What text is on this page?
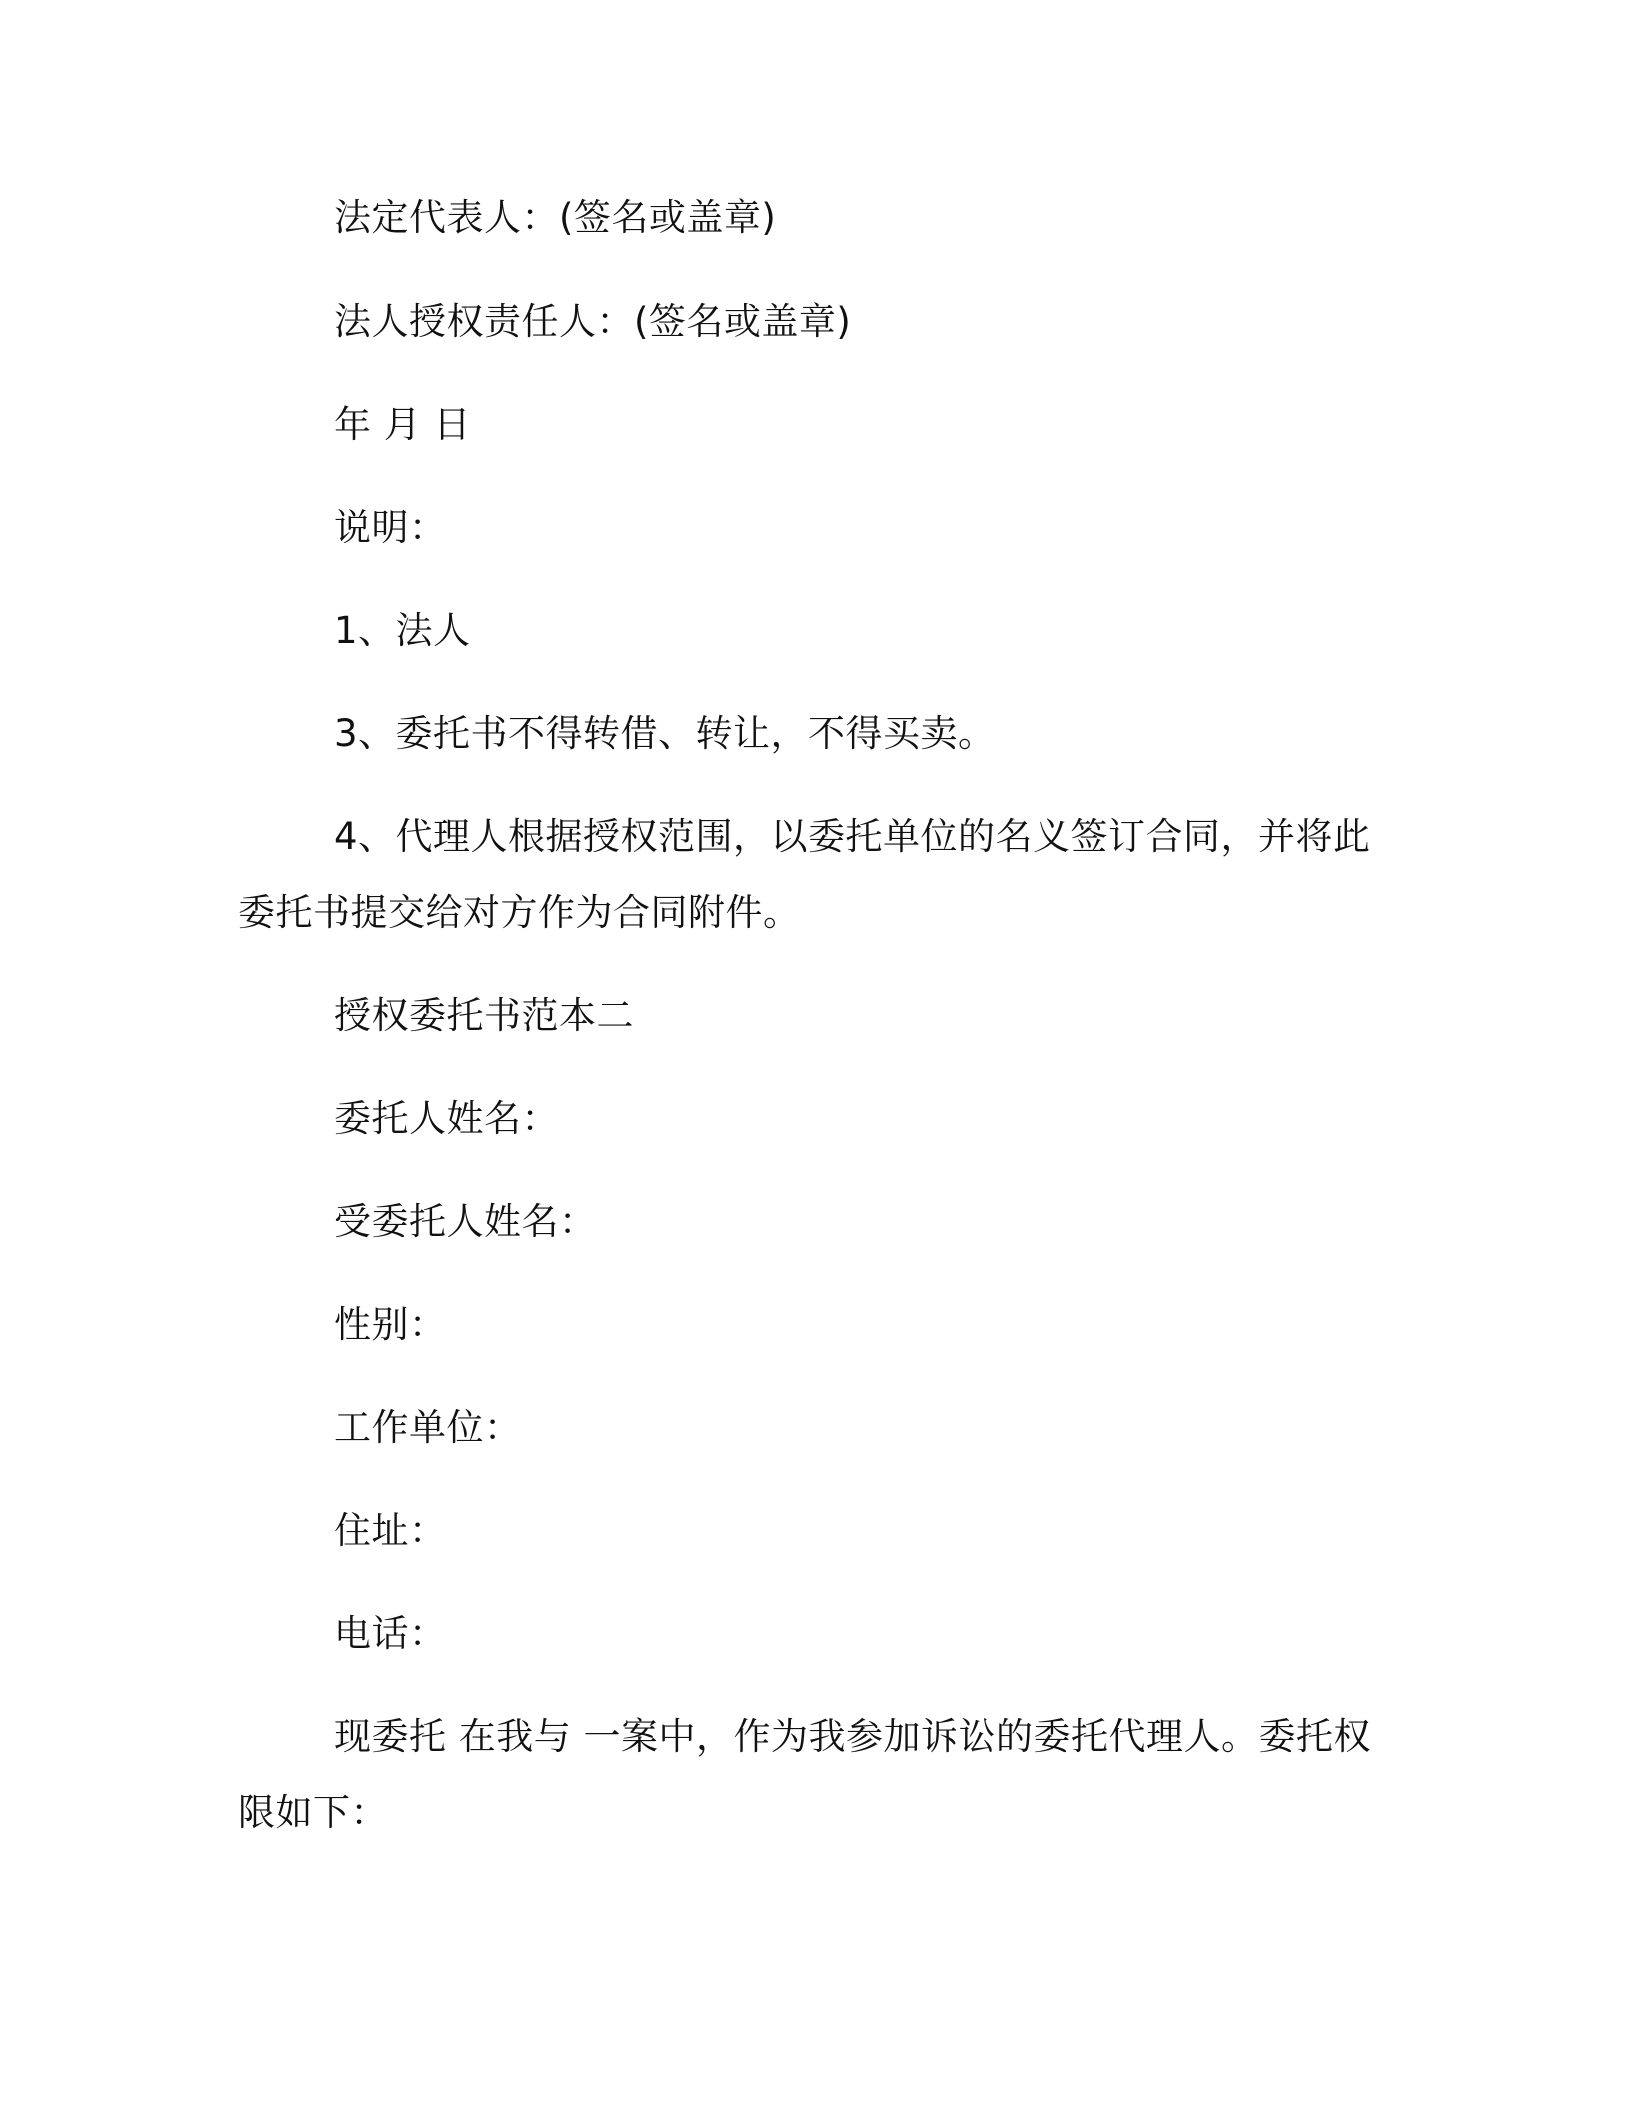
法定代表人：(签名或盖章)
法人授权责任人：(签名或盖章)
年 月 日
说明：
1、法人
3、委托书不得转借、转让，不得买卖。
4、代理人根据授权范围，以委托单位的名义签订合同，并将此
委托书提交给对方作为合同附件。
授权委托书范本二
委托人姓名：
受委托人姓名：
性别：
工作单位：
住址：
电话：
现委托 在我与 一案中，作为我参加诉讼的委托代理人。委托权
限如下：
